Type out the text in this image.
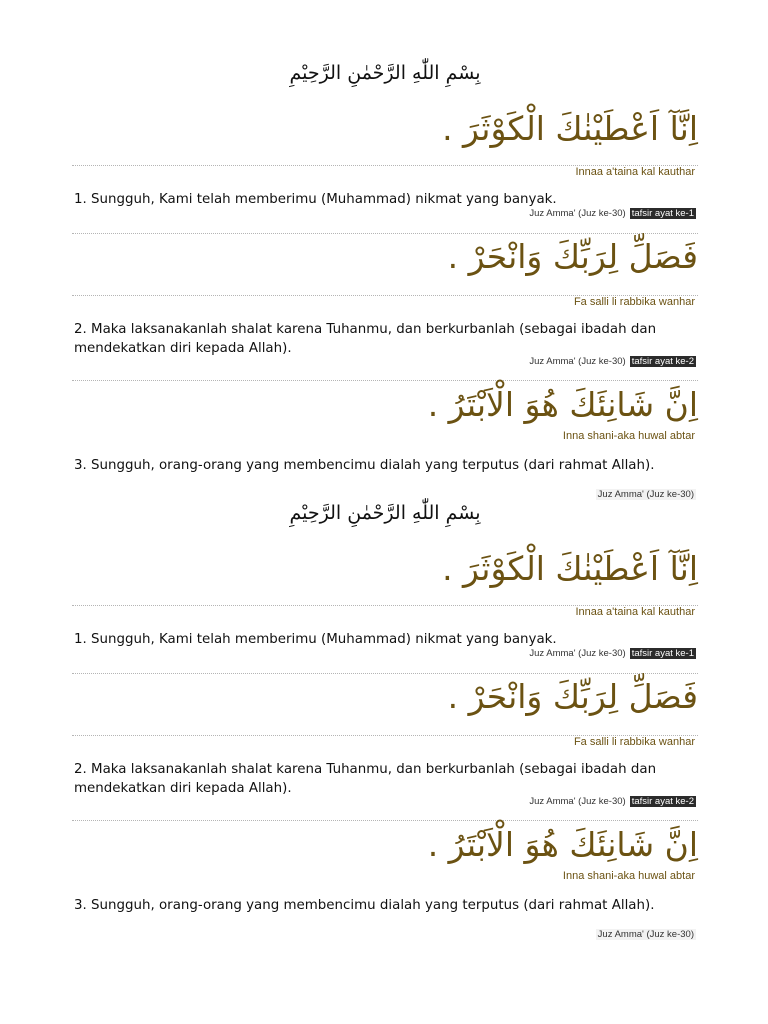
بِسْمِ اللّٰهِ الرَّحْمٰنِ الرَّحِيْمِ
اِنَّآ اَعْطَيْنٰكَ الْكَوْثَرَ .
Innaa a'taina kal kauthar
1. Sungguh, Kami telah memberimu (Muhammad) nikmat yang banyak.
Juz Amma' (Juz ke-30) tafsir ayat ke-1
فَصَلِّ لِرَبِّكَ وَانْحَرْ .
Fa salli li rabbika wanhar
2. Maka laksanakanlah shalat karena Tuhanmu, dan berkurbanlah (sebagai ibadah dan mendekatkan diri kepada Allah).
Juz Amma' (Juz ke-30) tafsir ayat ke-2
اِنَّ شَانِئَكَ هُوَ الْاَبْتَرُ .
Inna shani-aka huwal abtar
3. Sungguh, orang-orang yang membencimu dialah yang terputus (dari rahmat Allah).
Juz Amma' (Juz ke-30)
بِسْمِ اللّٰهِ الرَّحْمٰنِ الرَّحِيْمِ
اِنَّآ اَعْطَيْنٰكَ الْكَوْثَرَ .
Innaa a'taina kal kauthar
1. Sungguh, Kami telah memberimu (Muhammad) nikmat yang banyak.
Juz Amma' (Juz ke-30) tafsir ayat ke-1
فَصَلِّ لِرَبِّكَ وَانْحَرْ .
Fa salli li rabbika wanhar
2. Maka laksanakanlah shalat karena Tuhanmu, dan berkurbanlah (sebagai ibadah dan mendekatkan diri kepada Allah).
Juz Amma' (Juz ke-30) tafsir ayat ke-2
اِنَّ شَانِئَكَ هُوَ الْاَبْتَرُ .
Inna shani-aka huwal abtar
3. Sungguh, orang-orang yang membencimu dialah yang terputus (dari rahmat Allah).
Juz Amma' (Juz ke-30)
